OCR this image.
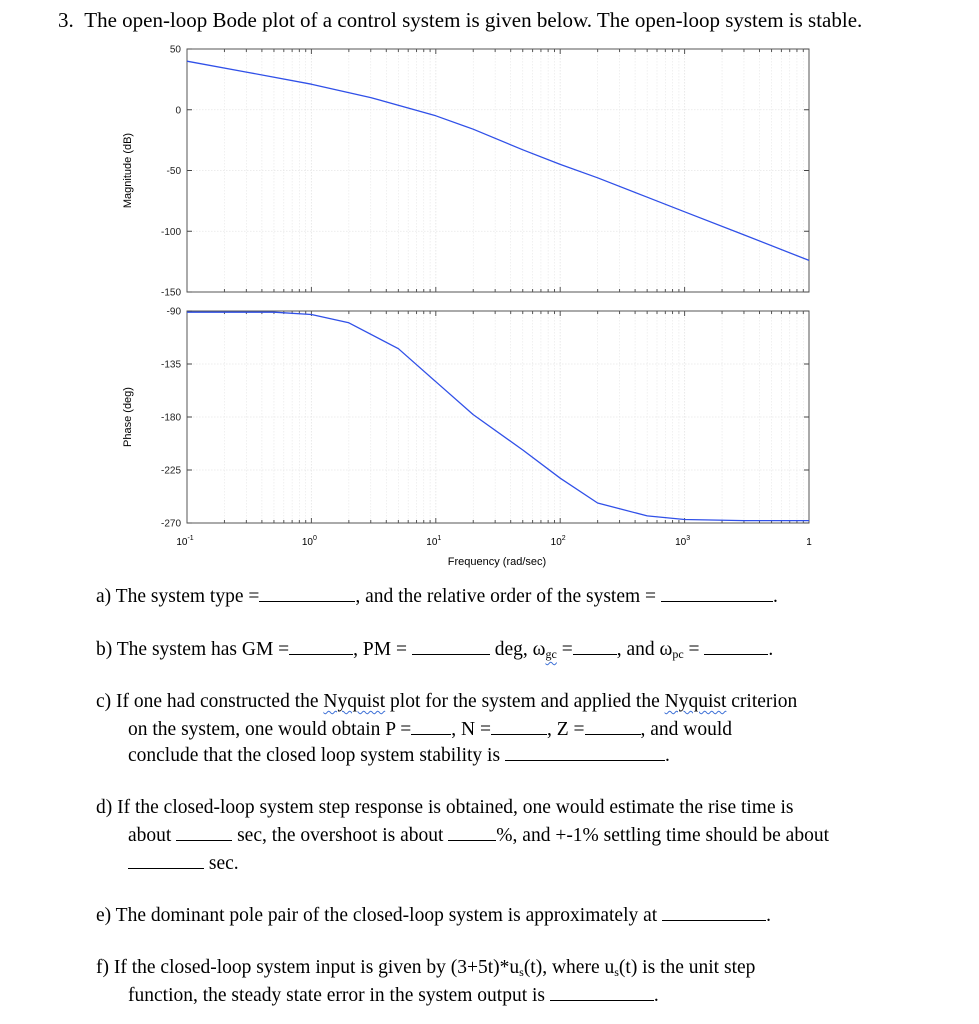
3. The open-loop Bode plot of a control system is given below. The open-loop system is stable.
50
0
-50
-100
-150
Magnitude (dB)
-90
-135
-180
-225
-270
Phase (deg)
$10^{-1}$	$10^0$	$10^1$	$10^2$	$10^3$	1
Frequency (rad/sec)
a) The system type =	, and the relative order of the system =	.
b) The system has GM =	, PM =	deg, $\omega_{gc}$ = , and $\omega_{pc}$ =	.
c) If one had constructed the Nyquist plot for the system and applied the Nyquist criterion
on the system, one would obtain P = , N =	, Z =	, and would
conclude that the closed loop system stability is	.
d) If the closed-loop system step response is obtained, one would estimate the rise time is
about	sec, the overshoot is about	%, and +-1% settling time should be about
sec.
e) The dominant pole pair of the closed-loop system is approximately at	.
f) If the closed-loop system input is given by $(3+5t)*u_s(t)$, where $u_s(t)$ is the unit step
function, the steady state error in the system output is	.
